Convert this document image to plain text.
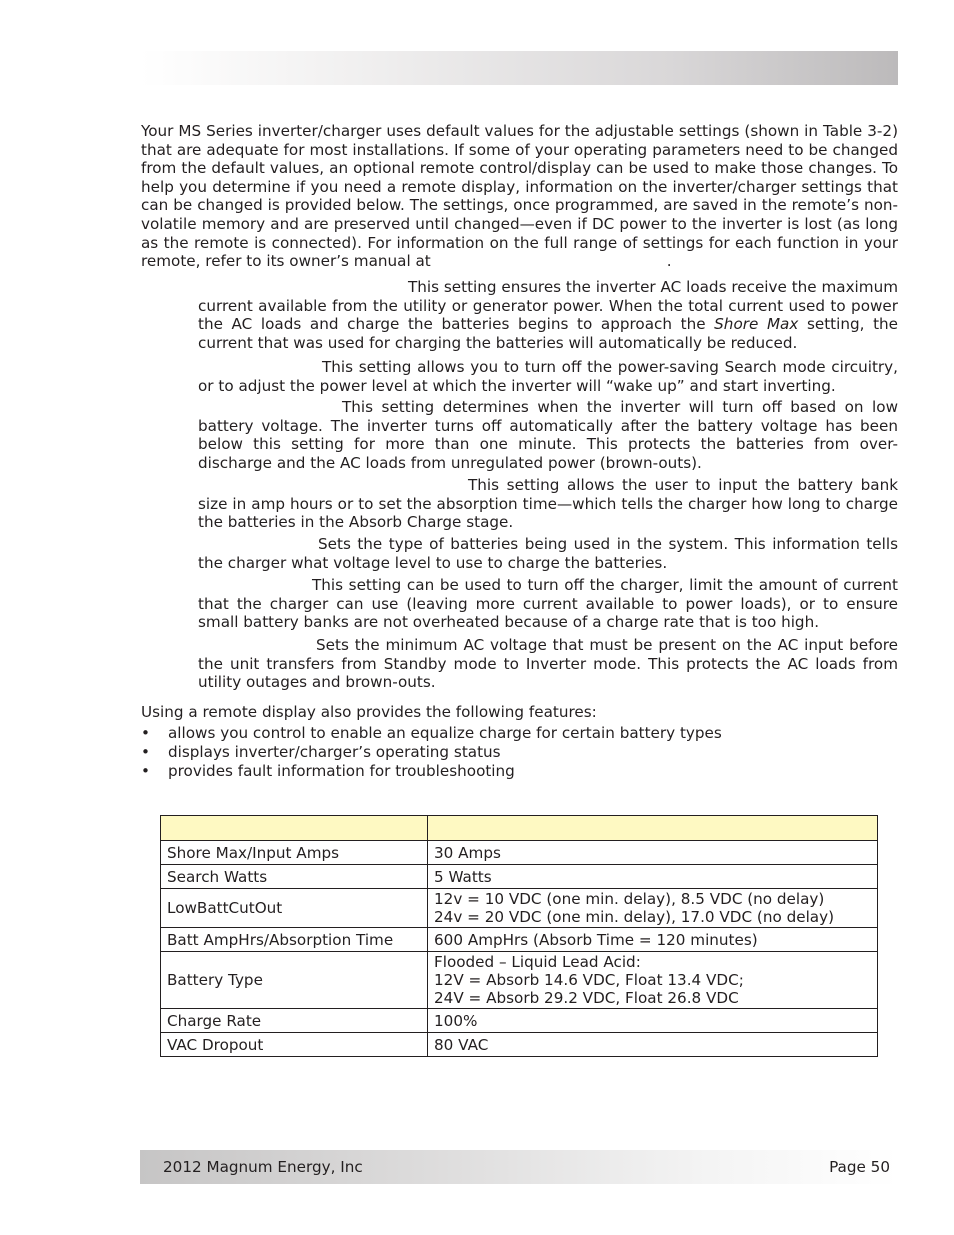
Your MS Series inverter/charger uses default values for the adjustable settings (shown in Table 3-2) that are adequate for most installations. If some of your operating parameters need to be changed from the default values, an optional remote control/display can be used to make those changes. To help you determine if you need a remote display, information on the inverter/charger settings that can be changed is provided below. The settings, once programmed, are saved in the remote’s non-volatile memory and are preserved until changed—even if DC power to the inverter is lost (as long as the remote is connected). For information on the full range of settings for each function in your remote, refer to its owner’s manual at	.

This setting ensures the inverter AC loads receive the maximum current available from the utility or generator power. When the total current used to power the AC loads and charge the batteries begins to approach the Shore Max setting, the current that was used for charging the batteries will automatically be reduced.

This setting allows you to turn off the power-saving Search mode circuitry, or to adjust the power level at which the inverter will “wake up” and start inverting.

This setting determines when the inverter will turn off based on low battery voltage. The inverter turns off automatically after the battery voltage has been below this setting for more than one minute. This protects the batteries from over-discharge and the AC loads from unregulated power (brown-outs).

This setting allows the user to input the battery bank size in amp hours or to set the absorption time—which tells the charger how long to charge the batteries in the Absorb Charge stage.

Sets the type of batteries being used in the system. This information tells the charger what voltage level to use to charge the batteries.

This setting can be used to turn off the charger, limit the amount of current that the charger can use (leaving more current available to power loads), or to ensure small battery banks are not overheated because of a charge rate that is too high.

Sets the minimum AC voltage that must be present on the AC input before the unit transfers from Standby mode to Inverter mode. This protects the AC loads from utility outages and brown-outs.

Using a remote display also provides the following features:
• allows you control to enable an equalize charge for certain battery types
• displays inverter/charger’s operating status
• provides fault information for troubleshooting

Shore Max/Input Amps	30 Amps
Search Watts	5 Watts
LowBattCutOut	12v = 10 VDC (one min. delay), 8.5 VDC (no delay)
24v = 20 VDC (one min. delay), 17.0 VDC (no delay)
Batt AmpHrs/Absorption Time	600 AmpHrs (Absorb Time = 120 minutes)
Battery Type	Flooded – Liquid Lead Acid:
12V = Absorb 14.6 VDC, Float 13.4 VDC;
24V = Absorb 29.2 VDC, Float 26.8 VDC
Charge Rate	100%
VAC Dropout	80 VAC
2012 Magnum Energy, Inc	Page 50
